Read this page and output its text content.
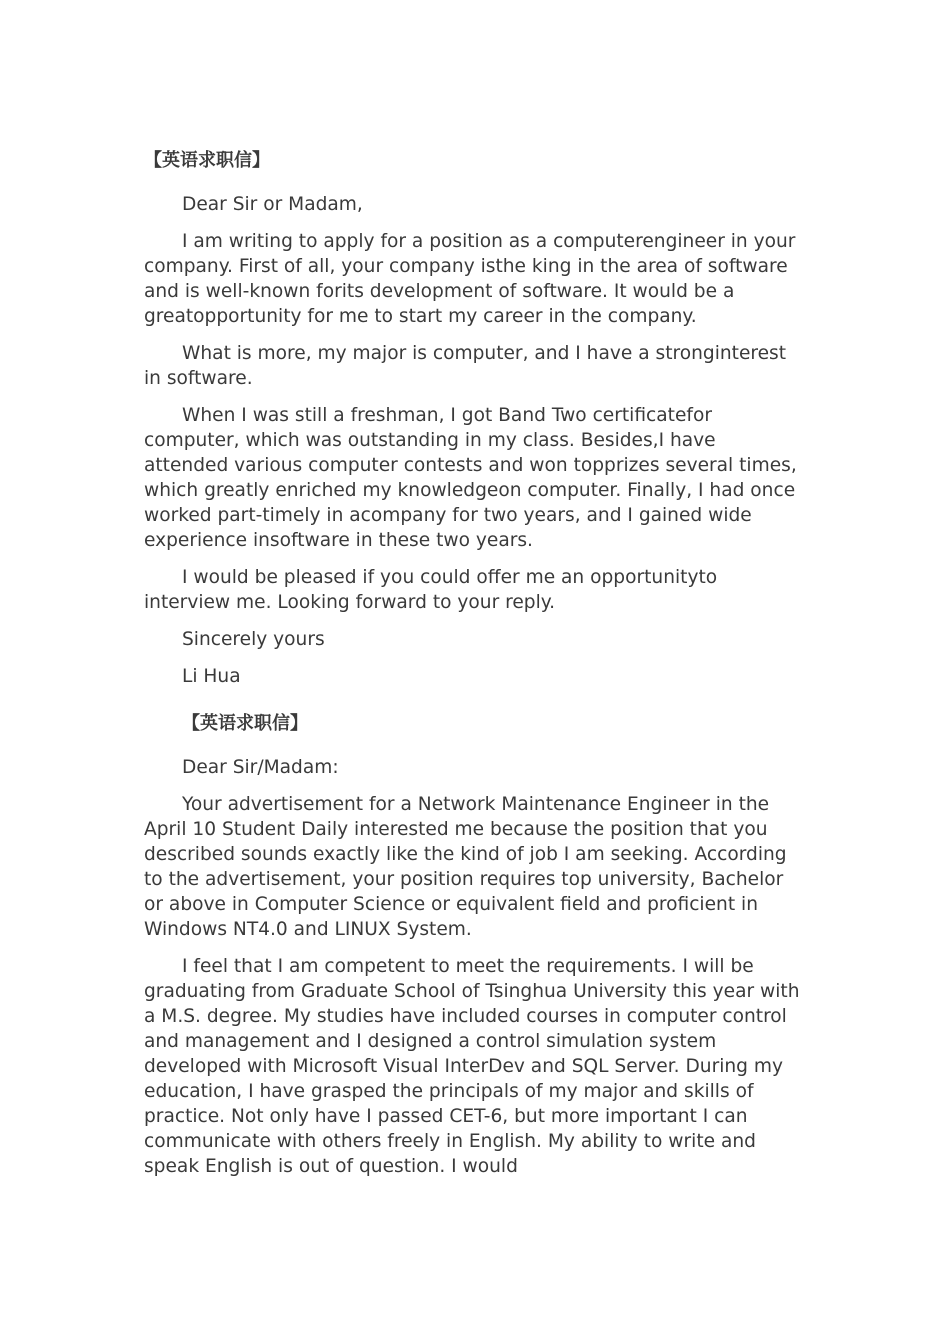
【英语求职信】

Dear Sir or Madam,

I am writing to apply for a position as a computerengineer in your company. First of all, your company isthe king in the area of software and is well-known forits development of software. It would be a greatopportunity for me to start my career in the company.

What is more, my major is computer, and I have a stronginterest in software.

When I was still a freshman, I got Band Two certificatefor computer, which was outstanding in my class. Besides,I have attended various computer contests and won topprizes several times, which greatly enriched my knowledgeon computer. Finally, I had once worked part-timely in acompany for two years, and I gained wide experience insoftware in these two years.

I would be pleased if you could offer me an opportunityto interview me. Looking forward to your reply.

Sincerely yours

Li Hua

【英语求职信】

Dear Sir/Madam:

Your advertisement for a Network Maintenance Engineer in the April 10 Student Daily interested me because the position that you described sounds exactly like the kind of job I am seeking. According to the advertisement, your position requires top university, Bachelor or above in Computer Science or equivalent field and proficient in Windows NT4.0 and LINUX System.

I feel that I am competent to meet the requirements. I will be graduating from Graduate School of Tsinghua University this year with a M.S. degree. My studies have included courses in computer control and management and I designed a control simulation system developed with Microsoft Visual InterDev and SQL Server. During my education, I have grasped the principals of my major and skills of practice. Not only have I passed CET-6, but more important I can communicate with others freely in English. My ability to write and speak English is out of question. I would
